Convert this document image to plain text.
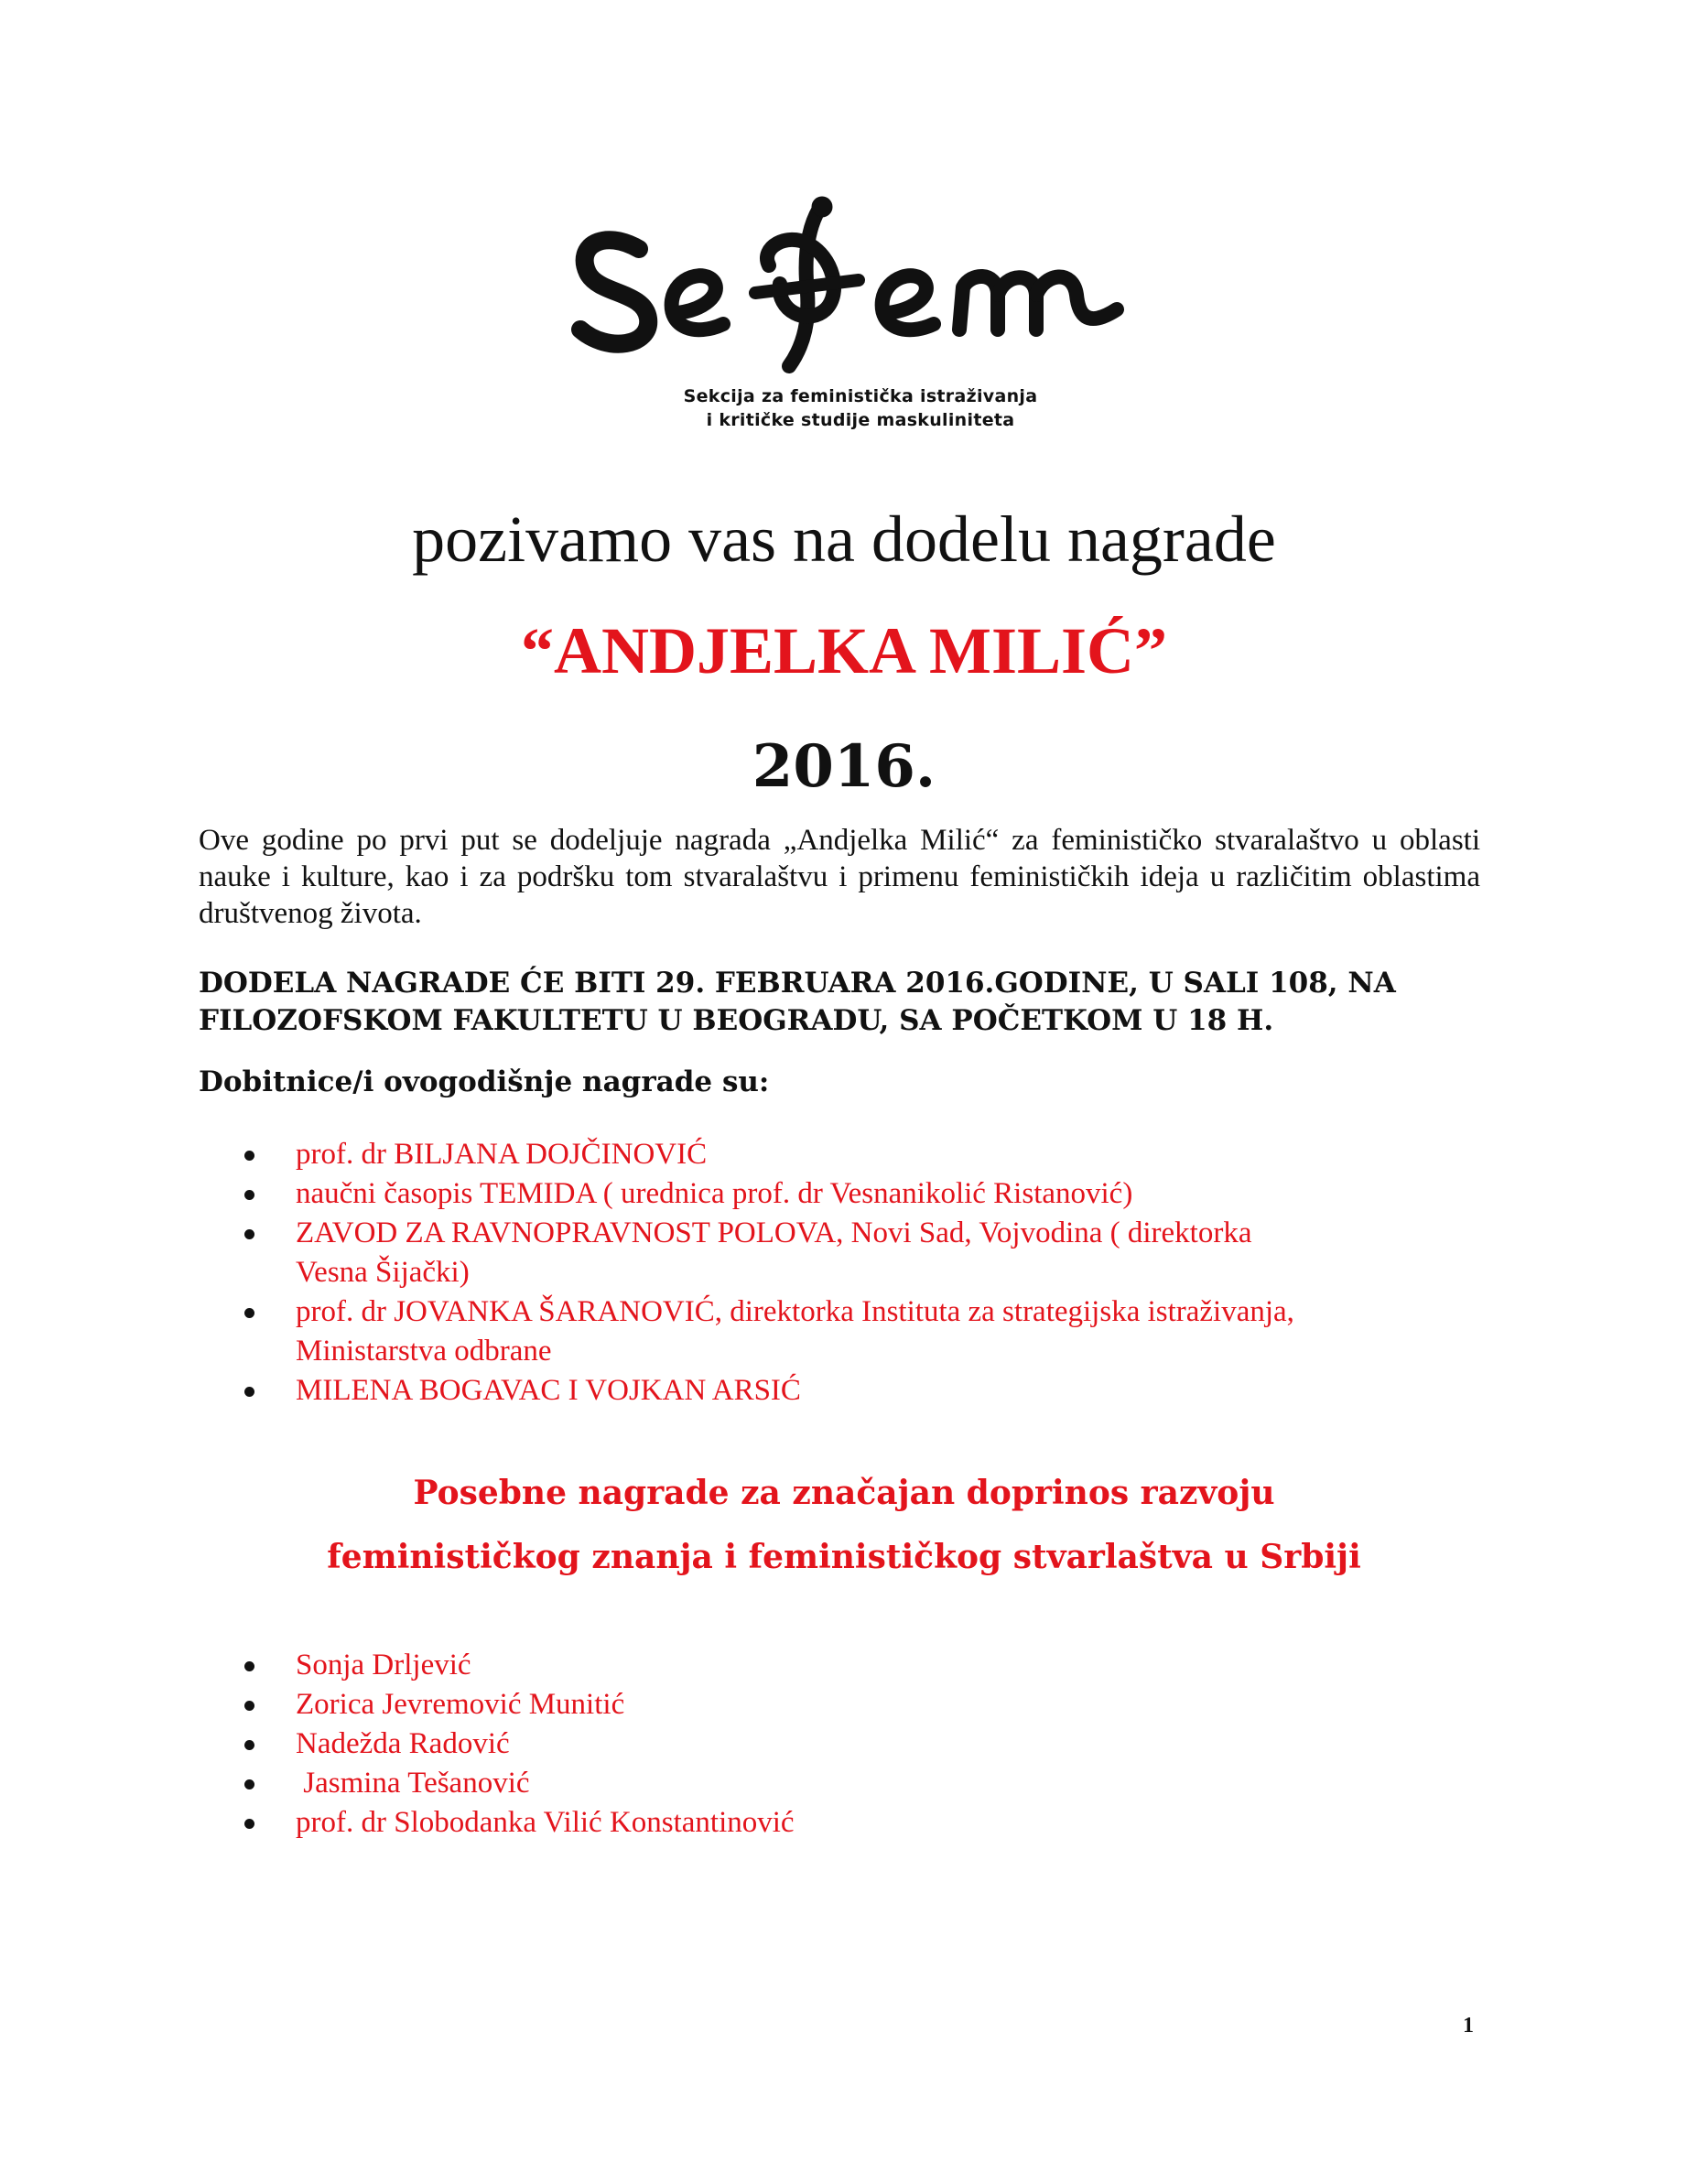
Sekcija za feministička istraživanja
i kritičke studije maskuliniteta
pozivamo vas na dodelu nagrade
“ANDJELKA MILIĆ”
2016.
Ove godine po prvi put se dodeljuje nagrada „Andjelka Milić“ za feminističko stvaralaštvo u oblasti nauke i kulture, kao i za podršku tom stvaralaštvu i primenu feminističkih ideja u različitim oblastima društvenog života.
DODELA NAGRADE ĆE BITI 29. FEBRUARA 2016.GODINE, U SALI 108, NA
FILOZOFSKOM FAKULTETU U BEOGRADU, SA POČETKOM U 18 H.
Dobitnice/i ovogodišnje nagrade su:
prof. dr BILJANA DOJČINOVIĆ
naučni časopis TEMIDA ( urednica prof. dr Vesnanikolić Ristanović)
ZAVOD ZA RAVNOPRAVNOST POLOVA, Novi Sad, Vojvodina ( direktorka
Vesna Šijački)
prof. dr JOVANKA ŠARANOVIĆ, direktorka Instituta za strategijska istraživanja,
Ministarstva odbrane
MILENA BOGAVAC I VOJKAN ARSIĆ
Posebne nagrade za značajan doprinos razvoju
feminističkog znanja i feminističkog stvarlaštva u Srbiji
Sonja Drljević
Zorica Jevremović Munitić
Nadežda Radović
Jasmina Tešanović
prof. dr Slobodanka Vilić Konstantinović
1
